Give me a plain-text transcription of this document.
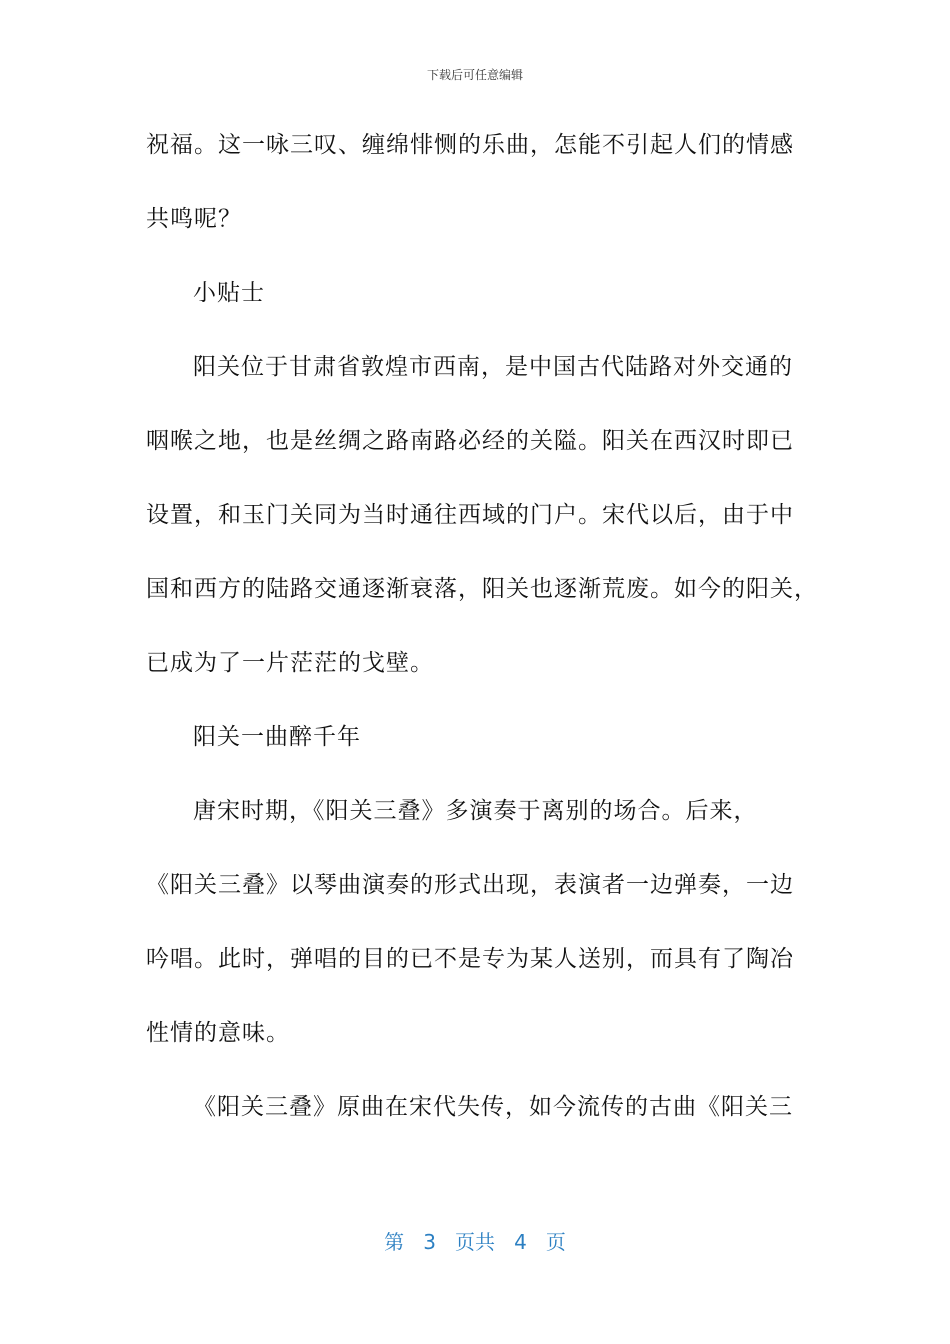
下载后可任意编辑
祝福。这一咏三叹、缠绵悱恻的乐曲，怎能不引起人们的情感
共鸣呢？
小贴士
阳关位于甘肃省敦煌市西南，是中国古代陆路对外交通的
咽喉之地，也是丝绸之路南路必经的关隘。阳关在西汉时即已
设置，和玉门关同为当时通往西域的门户。宋代以后，由于中
国和西方的陆路交通逐渐衰落，阳关也逐渐荒废。如今的阳关，
已成为了一片茫茫的戈壁。
阳关一曲醉千年
唐宋时期，《阳关三叠》多演奏于离别的场合。后来，
《阳关三叠》以琴曲演奏的形式出现，表演者一边弹奏，一边
吟唱。此时，弹唱的目的已不是专为某人送别，而具有了陶冶
性情的意味。
《阳关三叠》原曲在宋代失传，如今流传的古曲《阳关三
第 3 页共 4 页
